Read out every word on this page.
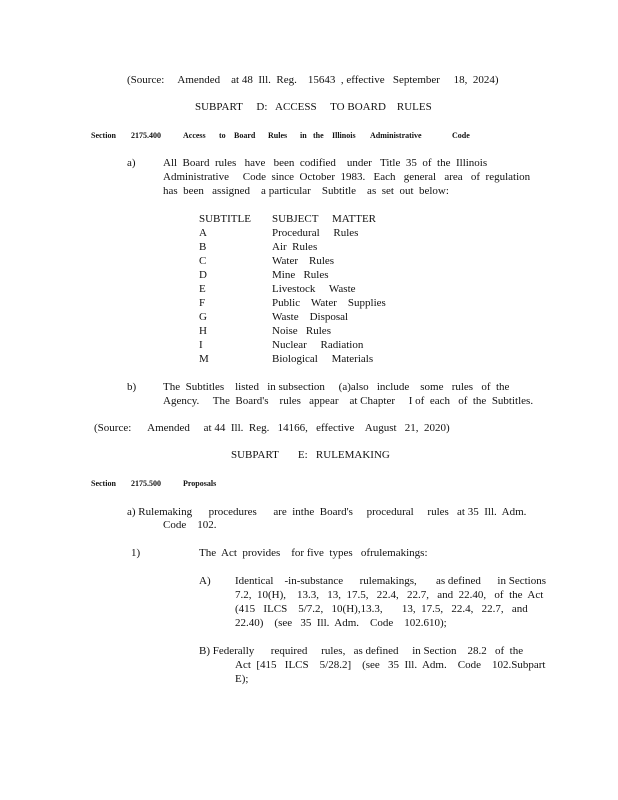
(Source:     Amended    at 48  Ill.  Reg.    15643  , effective   September     18,  2024)
SUBPART     D:   ACCESS     TO BOARD    RULES
Section 2175.400	Access to Board Rules in the Illinois Administrative	Code
a) All  Board  rules   have   been  codified    under   Title  35  of  the  Illinois
Administrative     Code  since  October  1983.   Each   general   area   of  regulation
has  been   assigned    a particular    Subtitle    as  set  out  below:
SUBTITLE SUBJECT     MATTER
A	Procedural     Rules
B	Air  Rules
C	Water    Rules
D	Mine   Rules
E	Livestock     Waste
F	Public    Water    Supplies
G	Waste    Disposal
H	Noise   Rules
I	Nuclear     Radiation
M	Biological     Materials
b) The  Subtitles    listed   in subsection     (a)also   include    some   rules   of  the
Agency.     The  Board's    rules   appear    at Chapter     I of  each   of  the  Subtitles.
(Source:      Amended     at 44  Ill.  Reg.   14166,   effective    August   21,  2020)
SUBPART       E:   RULEMAKING
Section 2175.500	Proposals
a) Rulemaking      procedures      are  inthe  Board's     procedural     rules   at 35  Ill.  Adm.
Code    102.
1)	The  Act  provides    for five  types   ofrulemakings:
A) Identical    -in-substance      rulemakings,       as defined      in Sections
7.2,  10(H),    13.3,   13,  17.5,   22.4,   22.7,   and  22.40,   of  the  Act
(415   ILCS    5/7.2,   10(H),13.3,       13,  17.5,   22.4,   22.7,   and
22.40)    (see   35  Ill.  Adm.    Code    102.610);
B) Federally      required     rules,   as defined     in Section    28.2   of  the
Act  [415   ILCS    5/28.2]    (see   35  Ill.  Adm.    Code    102.Subpart
E);
